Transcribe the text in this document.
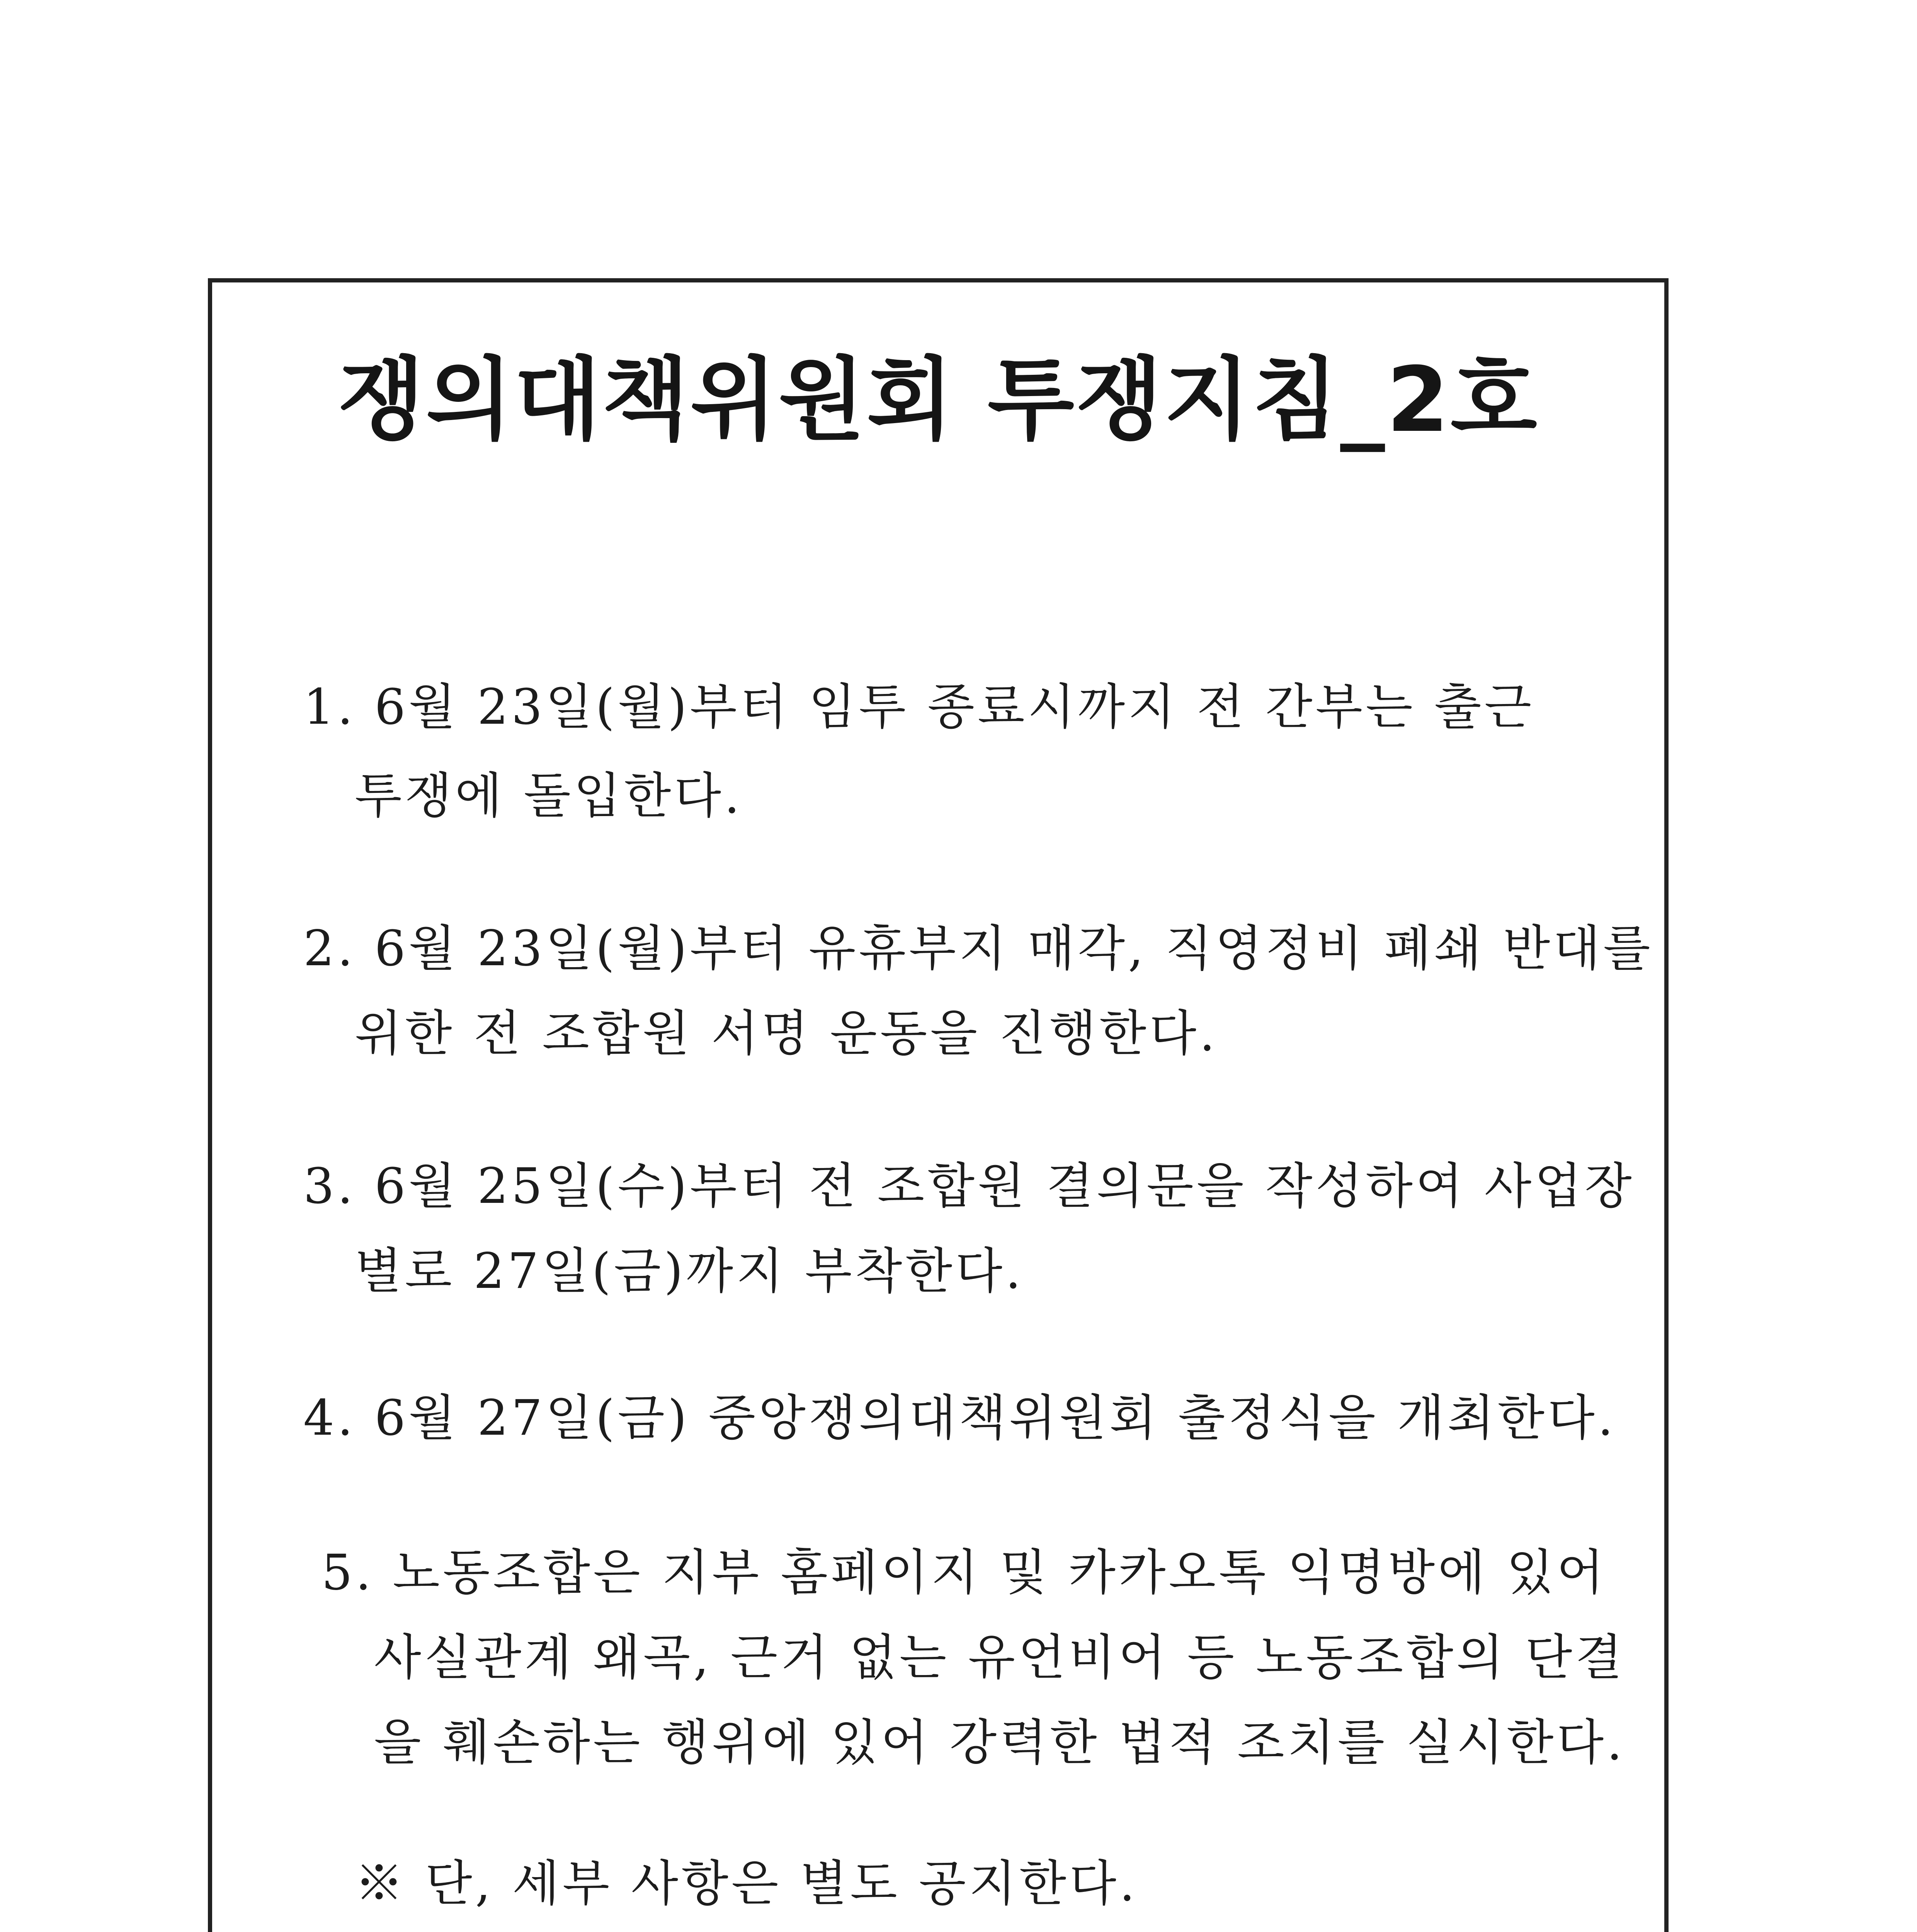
쟁의대책위원회 투쟁지침_2호
1. 6월 23일(월)부터 임투 종료시까지 전 간부는 출근
투쟁에 돌입한다.
2. 6월 23일(월)부터 유휴부지 매각, 직영정비 폐쇄 반대를
위한 전 조합원 서명 운동을 진행한다.
3. 6월 25일(수)부터 전 조합원 결의문을 작성하여 사업장
별로 27일(금)까지 부착한다.
4. 6월 27일(금) 중앙쟁의대책위원회 출정식을 개최한다.
5. 노동조합은 지부 홈페이지 및 카카오톡 익명방에 있어
사실관계 왜곡, 근거 없는 유언비어 등 노동조합의 단결
을 훼손하는 행위에 있어 강력한 법적 조치를 실시한다.
※ 단, 세부 사항은 별도 공지한다.
